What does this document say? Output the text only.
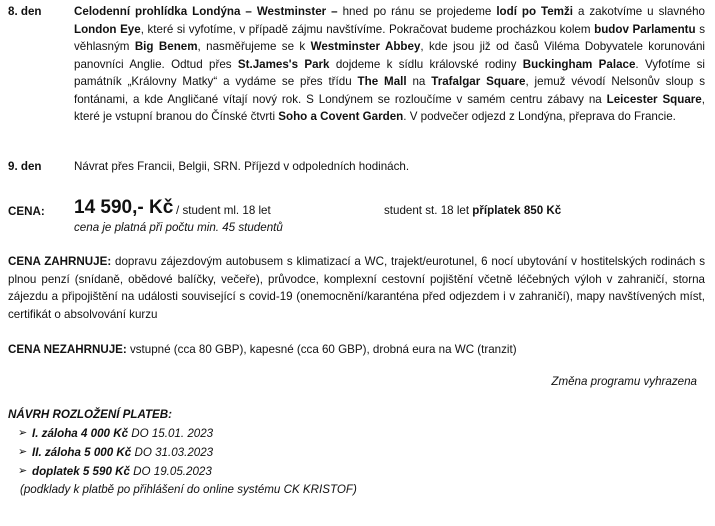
8. den	Celodenní prohlídka Londýna – Westminster – hned po ránu se projedeme lodí po Temži a zakotvíme u slavného London Eye, které si vyfotíme, v případě zájmu navštívíme. Pokračovat budeme procházkou kolem budov Parlamentu s věhlasným Big Benem, nasměřujeme se k Westminster Abbey, kde jsou již od časů Viléma Dobyvatele korunováni panovníci Anglie. Odtud přes St.James's Park dojdeme k sídlu královské rodiny Buckingham Palace. Vyfotíme si památník „Královny Matky“ a vydáme se přes třídu The Mall na Trafalgar Square, jemuž vévodí Nelsonův sloup s fontánami, a kde Angličané vítají nový rok. S Londýnem se rozloučíme v samém centru zábavy na Leicester Square, které je vstupní branou do Čínské čtvrti Soho a Covent Garden. V podvečer odjezd z Londýna, přeprava do Francie.
9. den	Návrat přes Francii, Belgii, SRN. Příjezd v odpoledních hodinách.
CENA: 14 590,- Kč / student ml. 18 let
cena je platná při počtu min. 45 studentů
student st. 18 let příplatek 850 Kč
CENA ZAHRNUJE: dopravu zájezdovým autobusem s klimatizací a WC, trajekt/eurotunel, 6 nocí ubytování v hostitelských rodinách s plnou penzí (snídaně, obědové balíčky, večeře), průvodce, komplexní cestovní pojištění včetně léčebných výloh v zahraničí, storna zájezdu a připojištění na události související s covid-19 (onemocnění/karanténa před odjezdem i v zahraničí), mapy navštívených míst, certifikát o absolvování kurzu
CENA NEZAHRNUJE: vstupné (cca 80 GBP), kapesné (cca 60 GBP), drobná eura na WC (tranzit)
Změna programu vyhrazena
NÁVRH ROZLOŽENÍ PLATEB:
➢ I. záloha 4 000 Kč DO 15.01. 2023
➢ II. záloha 5 000 Kč DO 31.03.2023
➢ doplatek 5 590 Kč DO 19.05.2023
(podklady k platbě po přihlášení do online systému CK KRISTOF)
